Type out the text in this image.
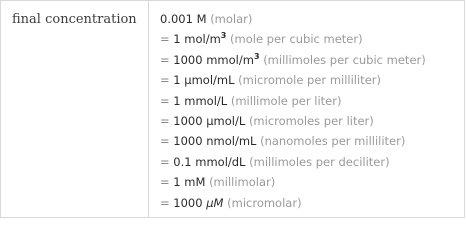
final concentration	0.001 M (molar)
= 1 mol/$m^3$ (mole per cubic meter)
= 1000 mmol/$m^3$ (millimoles per cubic meter)
= 1 μmol/mL (micromole per milliliter)
= 1 mmol/L (millimole per liter)
= 1000 μmol/L (micromoles per liter)
= 1000 nmol/mL (nanomoles per milliliter)
= 0.1 mmol/dL (millimoles per deciliter)
= 1 mM (millimolar)
= 1000 μM (micromolar)
